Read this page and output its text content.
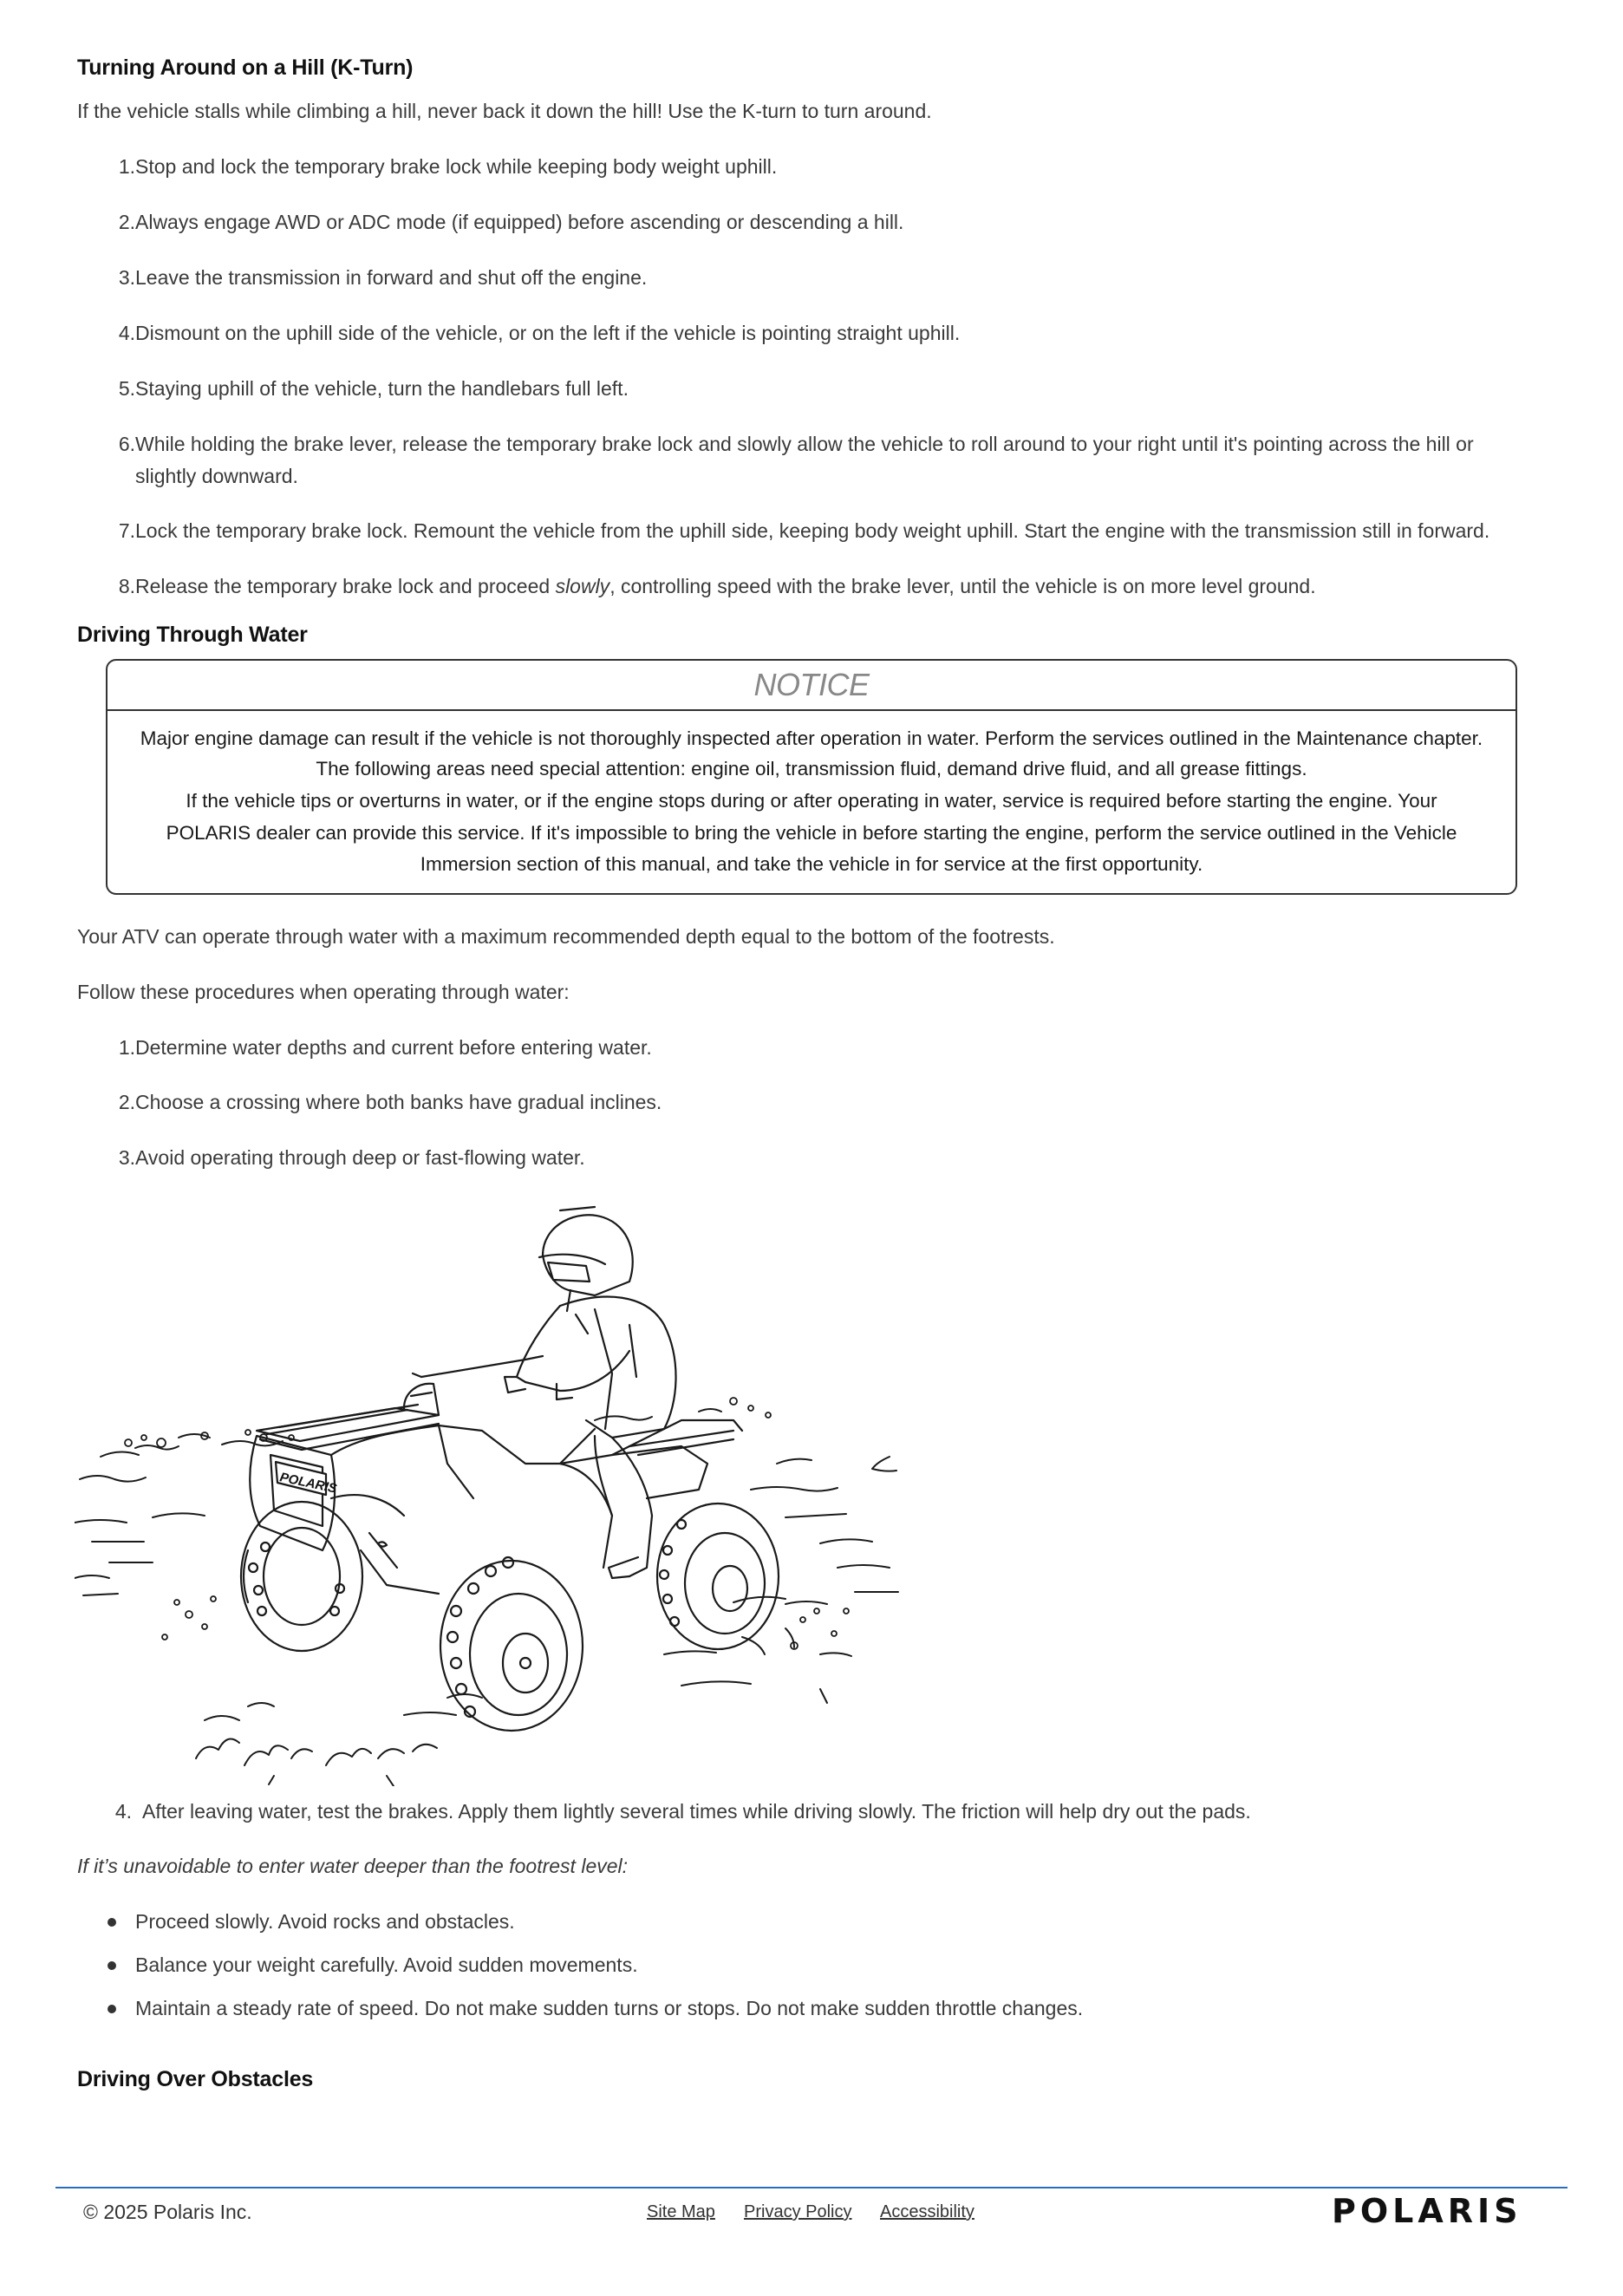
Turning Around on a Hill (K-Turn)

If the vehicle stalls while climbing a hill, never back it down the hill! Use the K-turn to turn around.

1. Stop and lock the temporary brake lock while keeping body weight uphill.
2. Always engage AWD or ADC mode (if equipped) before ascending or descending a hill.
3. Leave the transmission in forward and shut off the engine.
4. Dismount on the uphill side of the vehicle, or on the left if the vehicle is pointing straight uphill.
5. Staying uphill of the vehicle, turn the handlebars full left.
6. While holding the brake lever, release the temporary brake lock and slowly allow the vehicle to roll around to your right until it's pointing across the hill or
slightly downward.
7. Lock the temporary brake lock. Remount the vehicle from the uphill side, keeping body weight uphill. Start the engine with the transmission still in forward.
8. Release the temporary brake lock and proceed slowly, controlling speed with the brake lever, until the vehicle is on more level ground.
Driving Through Water
NOTICE
Major engine damage can result if the vehicle is not thoroughly inspected after operation in water. Perform the services outlined in the Maintenance chapter.
The following areas need special attention: engine oil, transmission fluid, demand drive fluid, and all grease fittings.
If the vehicle tips or overturns in water, or if the engine stops during or after operating in water, service is required before starting the engine. Your
POLARIS dealer can provide this service. If it's impossible to bring the vehicle in before starting the engine, perform the service outlined in the Vehicle
Immersion section of this manual, and take the vehicle in for service at the first opportunity.

Your ATV can operate through water with a maximum recommended depth equal to the bottom of the footrests.

Follow these procedures when operating through water:

1. Determine water depths and current before entering water.
2. Choose a crossing where both banks have gradual inclines.
3. Avoid operating through deep or fast-flowing water.
POLARIS
4. After leaving water, test the brakes. Apply them lightly several times while driving slowly. The friction will help dry out the pads.

If it’s unavoidable to enter water deeper than the footrest level:

Proceed slowly. Avoid rocks and obstacles.
Balance your weight carefully. Avoid sudden movements.
Maintain a steady rate of speed. Do not make sudden turns or stops. Do not make sudden throttle changes.
Driving Over Obstacles
© 2025 Polaris Inc.	Site Map Privacy Policy Accessibility	POLARIS
